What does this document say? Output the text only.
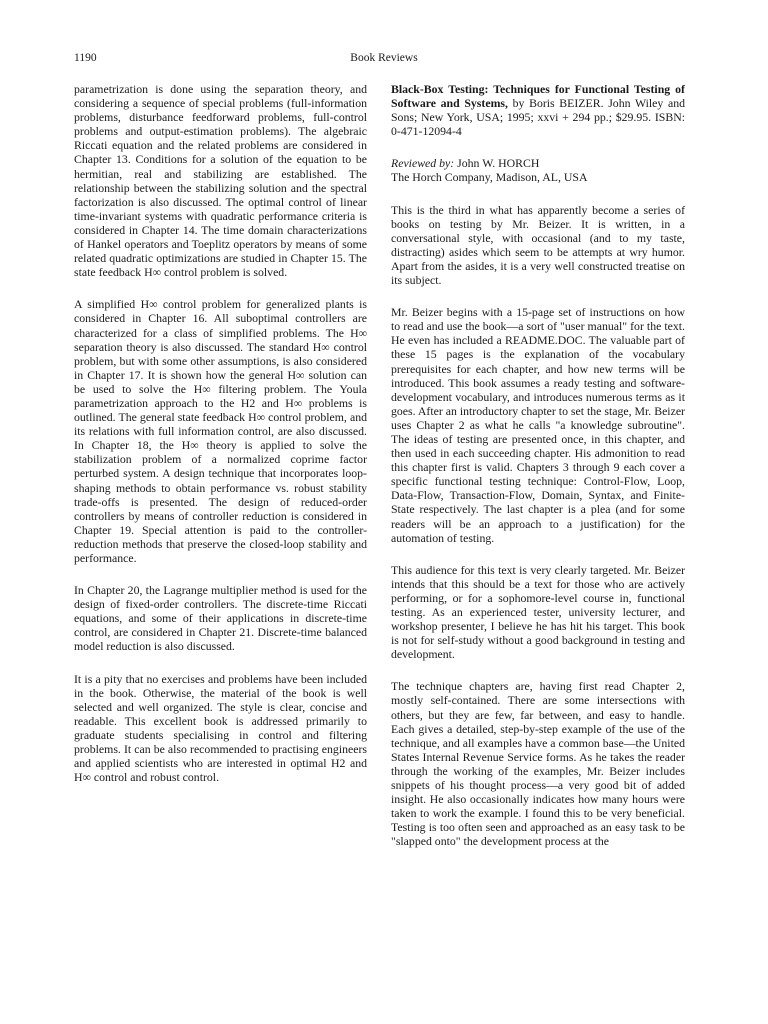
1190	Book Reviews

parametrization is done using the separation theory, and considering a sequence of special problems (full-information problems, disturbance feedforward problems, full-control problems and output-estimation problems). The algebraic Riccati equation and the related problems are considered in Chapter 13. Conditions for a solution of the equation to be hermitian, real and stabilizing are established. The relationship between the stabilizing solution and the spectral factorization is also discussed. The optimal control of linear time-invariant systems with quadratic performance criteria is considered in Chapter 14. The time domain characterizations of Hankel operators and Toeplitz operators by means of some related quadratic optimizations are studied in Chapter 15. The state feedback H∞ control problem is solved.

A simplified H∞ control problem for generalized plants is considered in Chapter 16. All suboptimal controllers are characterized for a class of simplified problems. The H∞ separation theory is also discussed. The standard H∞ control problem, but with some other assumptions, is also considered in Chapter 17. It is shown how the general H∞ solution can be used to solve the H∞ filtering problem. The Youla parametrization approach to the H2 and H∞ problems is outlined. The general state feedback H∞ control problem, and its relations with full information control, are also discussed. In Chapter 18, the H∞ theory is applied to solve the stabilization problem of a normalized coprime factor perturbed system. A design technique that incorporates loop-shaping methods to obtain performance vs. robust stability trade-offs is presented. The design of reduced-order controllers by means of controller reduction is considered in Chapter 19. Special attention is paid to the controller-reduction methods that preserve the closed-loop stability and performance.

In Chapter 20, the Lagrange multiplier method is used for the design of fixed-order controllers. The discrete-time Riccati equations, and some of their applications in discrete-time control, are considered in Chapter 21. Discrete-time balanced model reduction is also discussed.

It is a pity that no exercises and problems have been included in the book. Otherwise, the material of the book is well selected and well organized. The style is clear, concise and readable. This excellent book is addressed primarily to graduate students specialising in control and filtering problems. It can be also recommended to practising engineers and applied scientists who are interested in optimal H2 and H∞ control and robust control.

Black-Box Testing: Techniques for Functional Testing of Software and Systems, by Boris BEIZER. John Wiley and Sons; New York, USA; 1995; xxvi + 294 pp.; $29.95. ISBN: 0-471-12094-4

Reviewed by: John W. HORCH
The Horch Company, Madison, AL, USA

This is the third in what has apparently become a series of books on testing by Mr. Beizer. It is written, in a conversational style, with occasional (and to my taste, distracting) asides which seem to be attempts at wry humor. Apart from the asides, it is a very well constructed treatise on its subject.

Mr. Beizer begins with a 15-page set of instructions on how to read and use the book—a sort of "user manual" for the text. He even has included a README.DOC. The valuable part of these 15 pages is the explanation of the vocabulary prerequisites for each chapter, and how new terms will be introduced. This book assumes a ready testing and software-development vocabulary, and introduces numerous terms as it goes. After an introductory chapter to set the stage, Mr. Beizer uses Chapter 2 as what he calls "a knowledge subroutine". The ideas of testing are presented once, in this chapter, and then used in each succeeding chapter. His admonition to read this chapter first is valid. Chapters 3 through 9 each cover a specific functional testing technique: Control-Flow, Loop, Data-Flow, Transaction-Flow, Domain, Syntax, and Finite-State respectively. The last chapter is a plea (and for some readers will be an approach to a justification) for the automation of testing.

This audience for this text is very clearly targeted. Mr. Beizer intends that this should be a text for those who are actively performing, or for a sophomore-level course in, functional testing. As an experienced tester, university lecturer, and workshop presenter, I believe he has hit his target. This book is not for self-study without a good background in testing and development.

The technique chapters are, having first read Chapter 2, mostly self-contained. There are some intersections with others, but they are few, far between, and easy to handle. Each gives a detailed, step-by-step example of the use of the technique, and all examples have a common base—the United States Internal Revenue Service forms. As he takes the reader through the working of the examples, Mr. Beizer includes snippets of his thought process—a very good bit of added insight. He also occasionally indicates how many hours were taken to work the example. I found this to be very beneficial. Testing is too often seen and approached as an easy task to be "slapped onto" the development process at the
